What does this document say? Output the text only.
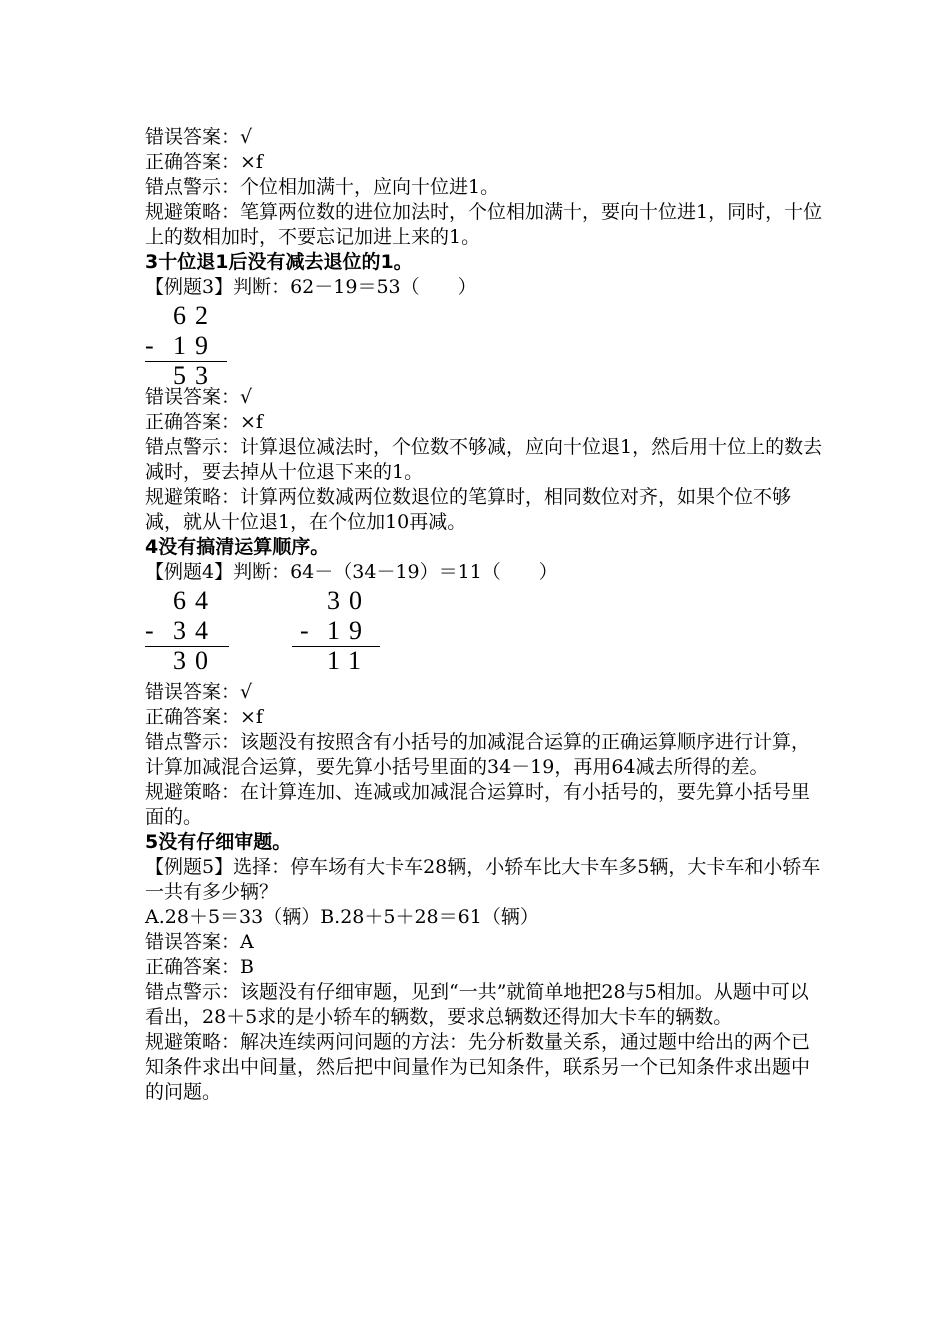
错误答案：√
正确答案：×f
错点警示：个位相加满十，应向十位进1。
规避策略：笔算两位数的进位加法时，个位相加满十，要向十位进1，同时，十位上的数相加时，不要忘记加进上来的1。
3十位退1后没有减去退位的1。
【例题3】判断：62－19＝53（　　）
62
- 19
53
错误答案：√
正确答案：×f
错点警示：计算退位减法时，个位数不够减，应向十位退1，然后用十位上的数去减时，要去掉从十位退下来的1。
规避策略：计算两位数减两位数退位的笔算时，相同数位对齐，如果个位不够减，就从十位退1，在个位加10再减。
4没有搞清运算顺序。
【例题4】判断：64－（34－19）＝11（　　）
64
- 34
30
30
- 19
11
错误答案：√
正确答案：×f
错点警示：该题没有按照含有小括号的加减混合运算的正确运算顺序进行计算，计算加减混合运算，要先算小括号里面的34－19，再用64减去所得的差。
规避策略：在计算连加、连减或加减混合运算时，有小括号的，要先算小括号里面的。
5没有仔细审题。
【例题5】选择：停车场有大卡车28辆，小轿车比大卡车多5辆，大卡车和小轿车一共有多少辆？
A.28＋5＝33（辆）B.28＋5＋28＝61（辆）
错误答案：A
正确答案：B
错点警示：该题没有仔细审题，见到“一共”就简单地把28与5相加。从题中可以看出，28＋5求的是小轿车的辆数，要求总辆数还得加大卡车的辆数。
规避策略：解决连续两问问题的方法：先分析数量关系，通过题中给出的两个已知条件求出中间量，然后把中间量作为已知条件，联系另一个已知条件求出题中的问题。
